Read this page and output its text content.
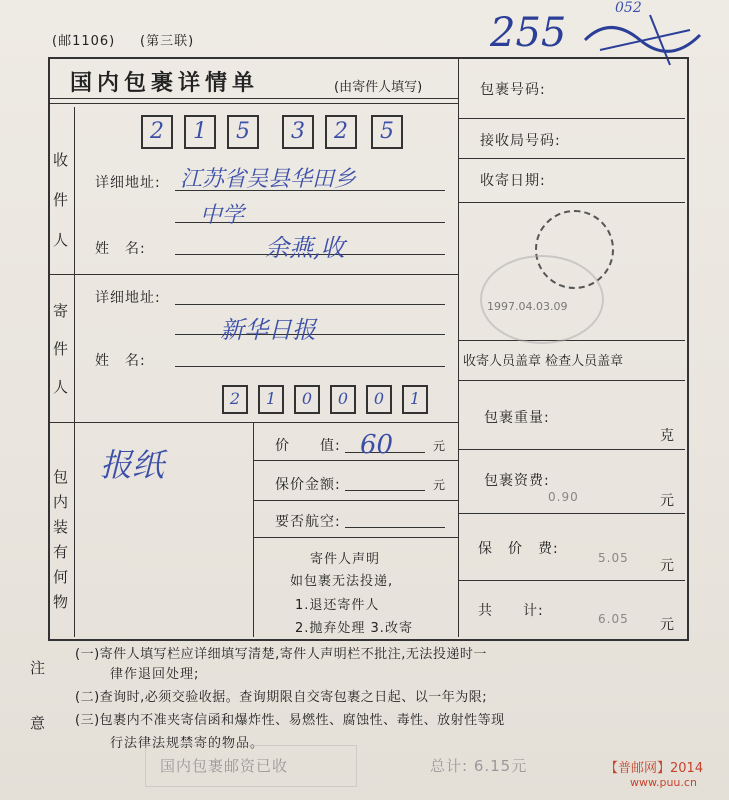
(邮1106) (第三联)	255
052
国内包裹详情单	(由寄件人填写)
收件人
2	1	5	3	2	5
详细地址: 江苏省吴县华田乡
中学
姓　名:	余燕,收
寄件人
详细地址:
新华日报
姓　名:
2	1	0	0	0	1
包内装有何物
报纸	价　　值: 60	元
保价金额:	元
要否航空:
寄件人声明
如包裹无法投递,
1.退还寄件人
2.抛弃处理 3.改寄
包裹号码:
接收局号码:
收寄日期:
1997.04.03.09
收寄人员盖章 检查人员盖章
包裹重量:
克
包裹资费:
0.90	元
保　价　费:
5.05 元
共　　计:	6.05 元
注
意
(一)寄件人填写栏应详细填写清楚,寄件人声明栏不批注,无法投递时一
律作退回处理;
(二)查询时,必须交验收据。查询期限自交寄包裹之日起、以一年为限;
(三)包裹内不准夹寄信函和爆炸性、易燃性、腐蚀性、毒性、放射性等现
行法律法规禁寄的物品。
国内包裹邮资已收	总计: 6.15元	【普邮网】2014
www.puu.cn
